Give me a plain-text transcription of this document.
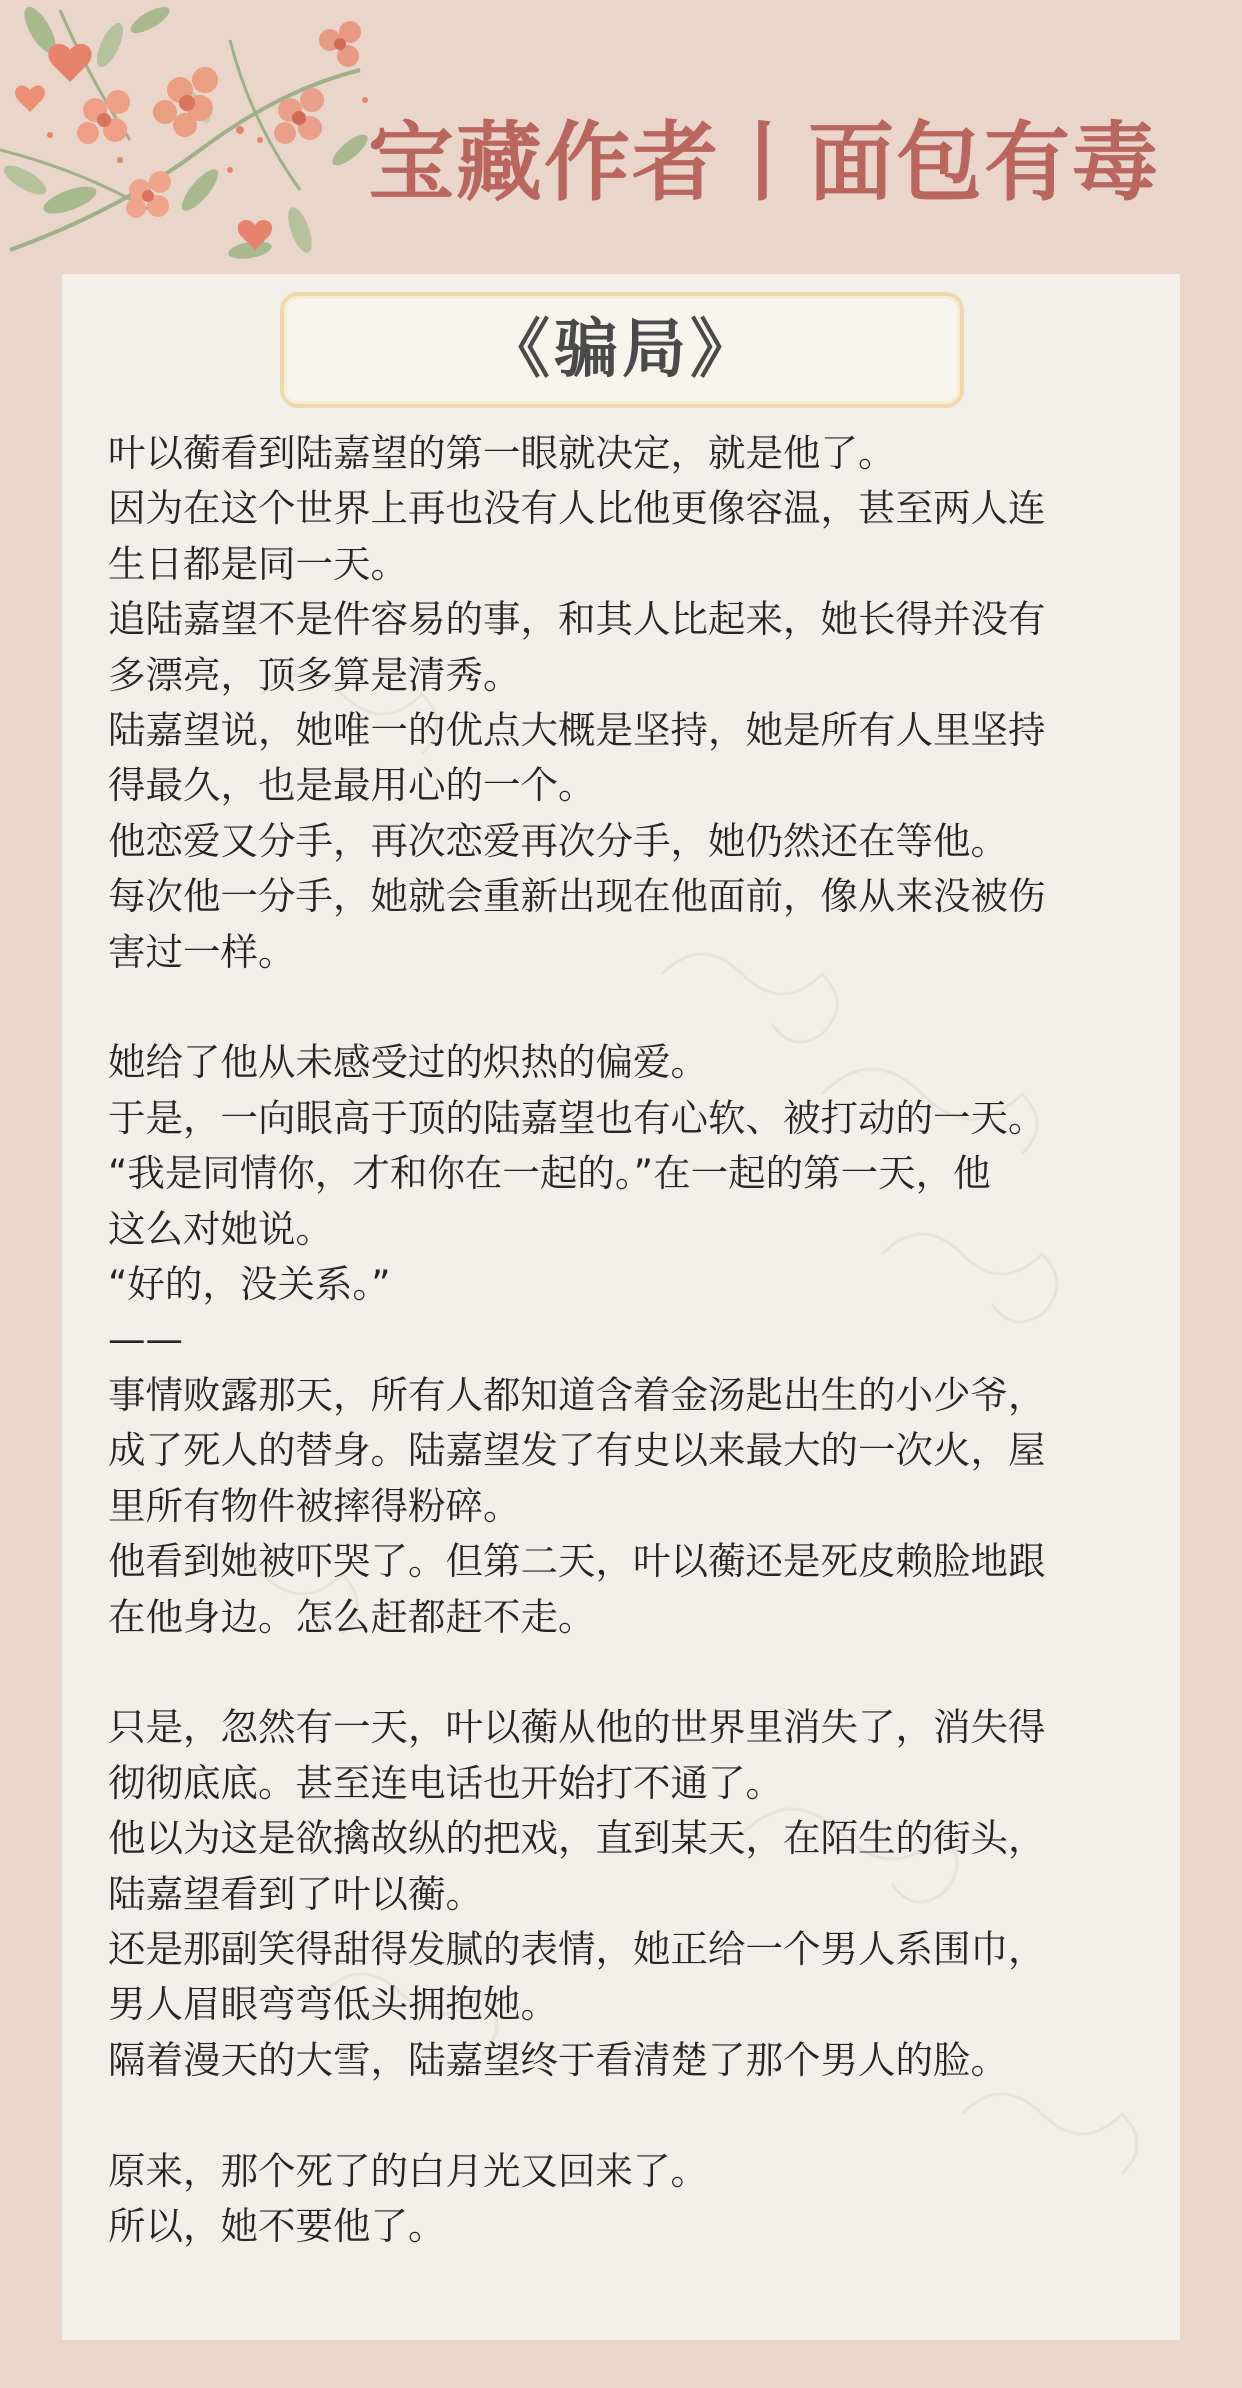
宝藏作者丨面包有毒
《骗局》

叶以蘅看到陆嘉望的第一眼就决定，就是他了。

因为在这个世界上再也没有人比他更像容温，甚至两人连

生日都是同一天。

追陆嘉望不是件容易的事，和其人比起来，她长得并没有

多漂亮，顶多算是清秀。

陆嘉望说，她唯一的优点大概是坚持，她是所有人里坚持

得最久，也是最用心的一个。

他恋爱又分手，再次恋爱再次分手，她仍然还在等他。

每次他一分手，她就会重新出现在他面前，像从来没被伤

害过一样。

她给了他从未感受过的炽热的偏爱。

于是，一向眼高于顶的陆嘉望也有心软、被打动的一天。

“我是同情你，才和你在一起的。”在一起的第一天，他

这么对她说。

“好的，没关系。”

——

事情败露那天，所有人都知道含着金汤匙出生的小少爷，

成了死人的替身。陆嘉望发了有史以来最大的一次火，屋

里所有物件被摔得粉碎。

他看到她被吓哭了。但第二天，叶以蘅还是死皮赖脸地跟

在他身边。怎么赶都赶不走。

只是，忽然有一天，叶以蘅从他的世界里消失了，消失得

彻彻底底。甚至连电话也开始打不通了。

他以为这是欲擒故纵的把戏，直到某天，在陌生的街头，

陆嘉望看到了叶以蘅。

还是那副笑得甜得发腻的表情，她正给一个男人系围巾，

男人眉眼弯弯低头拥抱她。

隔着漫天的大雪，陆嘉望终于看清楚了那个男人的脸。

原来，那个死了的白月光又回来了。

所以，她不要他了。
